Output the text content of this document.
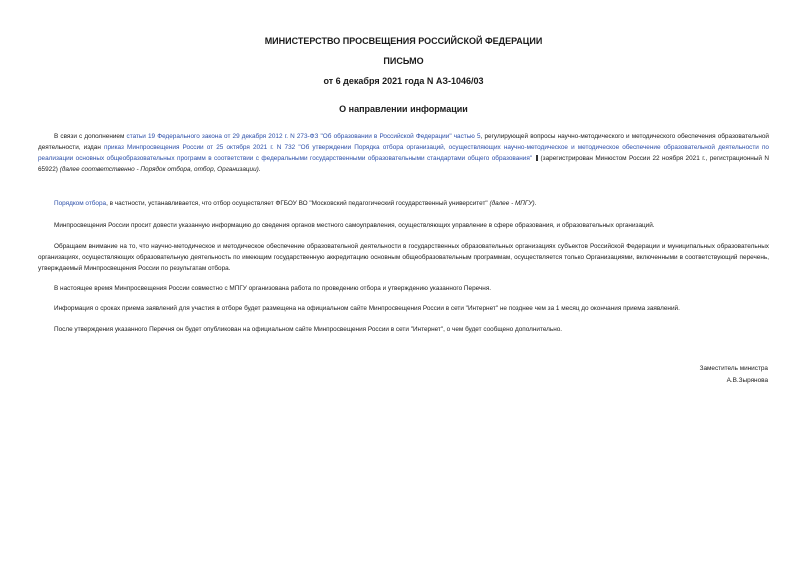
МИНИСТЕРСТВО ПРОСВЕЩЕНИЯ РОССИЙСКОЙ ФЕДЕРАЦИИ
ПИСЬМО
от 6 декабря 2021 года N АЗ-1046/03
О направлении информации

В связи с дополнением статьи 19 Федерального закона от 29 декабря 2012 г. N 273-ФЗ "Об образовании в Российской Федерации" частью 5, регулирующей вопросы научно-методического и методического обеспечения образовательной деятельности, издан приказ Минпросвещения России от 25 октября 2021 г. N 732 "Об утверждении Порядка отбора организаций, осуществляющих научно-методическое и методическое обеспечение образовательной деятельности по реализации основных общеобразовательных программ в соответствии с федеральными государственными образовательными стандартами общего образования" (зарегистрирован Минюстом России 22 ноября 2021 г., регистрационный N 65922) (далее соответственно - Порядок отбора, отбор, Организации).

Порядком отбора, в частности, устанавливается, что отбор осуществляет ФГБОУ ВО "Московский педагогический государственный университет" (далее - МПГУ).

Минпросвещения России просит довести указанную информацию до сведения органов местного самоуправления, осуществляющих управление в сфере образования, и образовательных организаций.

Обращаем внимание на то, что научно-методическое и методическое обеспечение образовательной деятельности в государственных образовательных организациях субъектов Российской Федерации и муниципальных образовательных организациях, осуществляющих образовательную деятельность по имеющим государственную аккредитацию основным общеобразовательным программам, осуществляется только Организациями, включенными в соответствующий перечень, утверждаемый Минпросвещения России по результатам отбора.

В настоящее время Минпросвещения России совместно с МПГУ организована работа по проведению отбора и утверждению указанного Перечня.

Информация о сроках приема заявлений для участия в отборе будет размещена на официальном сайте Минпросвещения России в сети "Интернет" не позднее чем за 1 месяц до окончания приема заявлений.

После утверждения указанного Перечня он будет опубликован на официальном сайте Минпросвещения России в сети "Интернет", о чем будет сообщено дополнительно.

Заместитель министра
А.В.Зырянова
